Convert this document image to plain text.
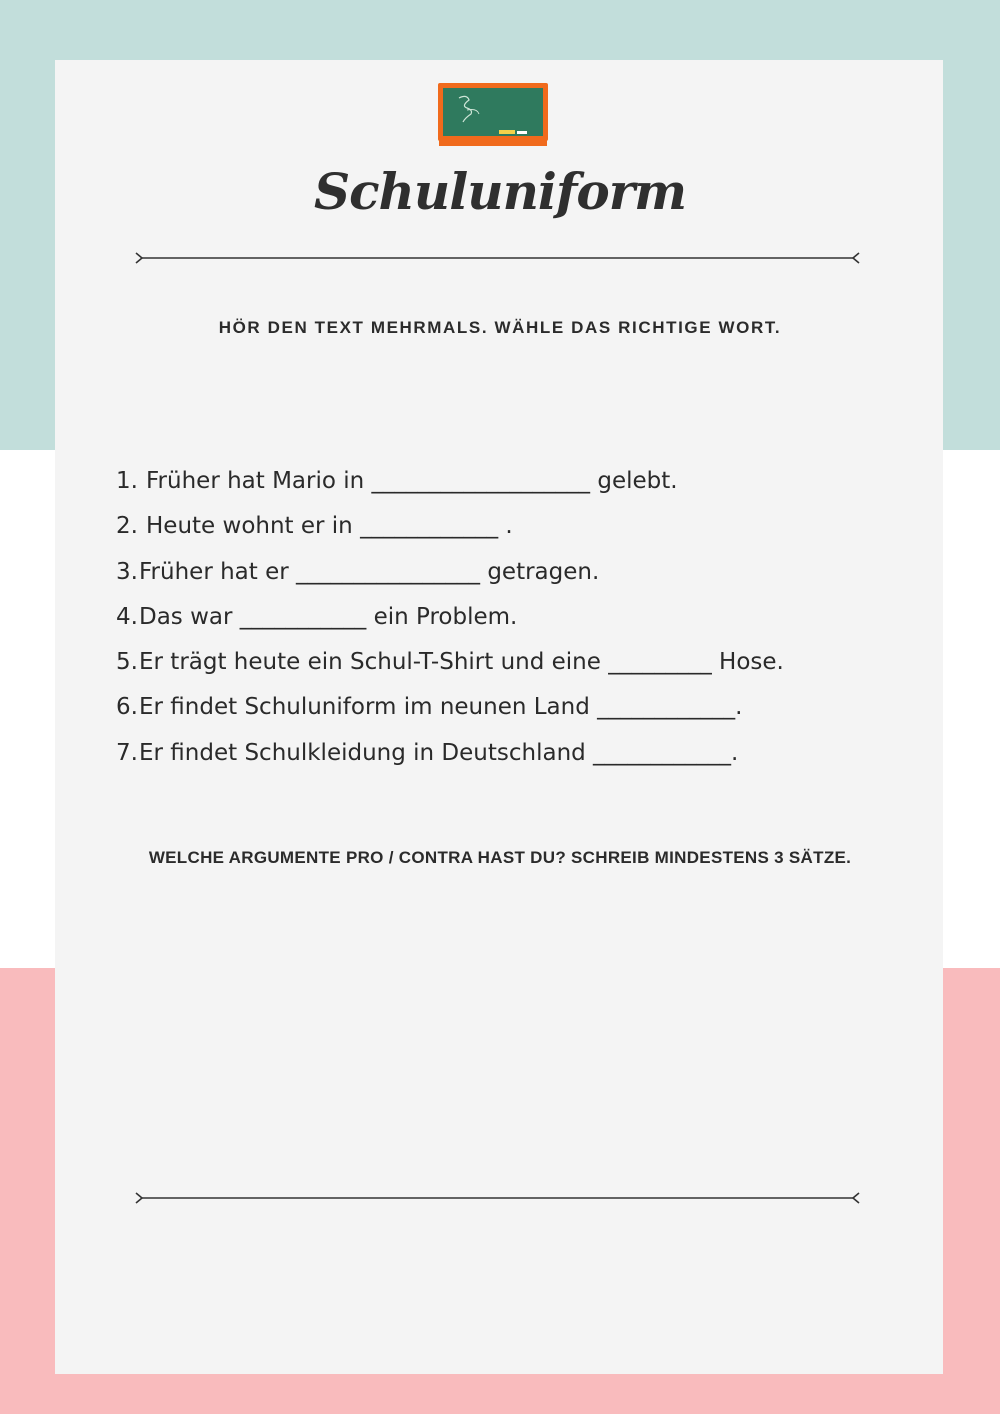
Schuluniform
HÖR DEN TEXT MEHRMALS. WÄHLE DAS RICHTIGE WORT.
1. Früher hat Mario in ___________________ gelebt.
2. Heute wohnt er in ____________ .
3. Früher hat er ________________ getragen.
4. Das war ___________ ein Problem.
5. Er trägt heute ein Schul-T-Shirt und eine _________ Hose.
6. Er findet Schuluniform im neunen Land ____________.
7. Er findet Schulkleidung in Deutschland ____________.
WELCHE ARGUMENTE PRO / CONTRA HAST DU? SCHREIB MINDESTENS 3 SÄTZE.
